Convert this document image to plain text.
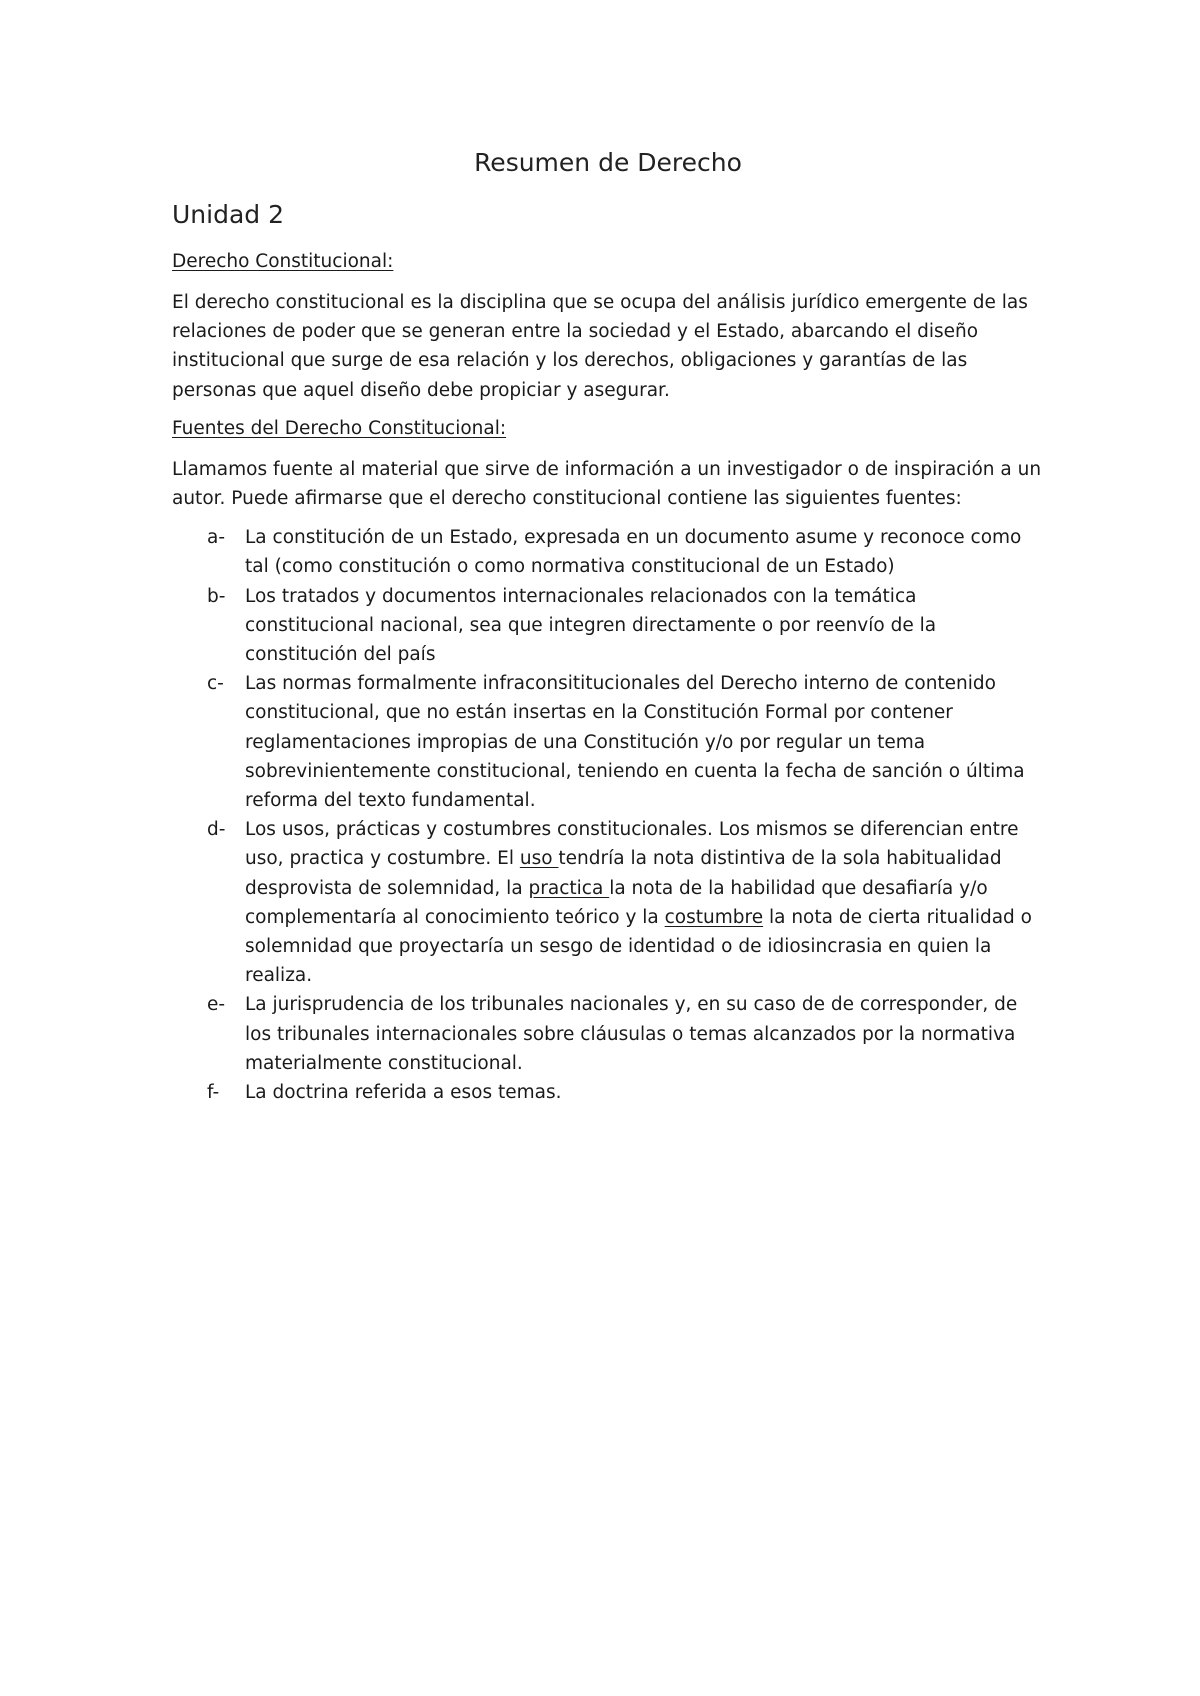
Resumen de Derecho
Unidad 2
Derecho Constitucional:

El derecho constitucional es la disciplina que se ocupa del análisis jurídico emergente de las relaciones de poder que se generan entre la sociedad y el Estado, abarcando el diseño institucional que surge de esa relación y los derechos, obligaciones y garantías de las personas que aquel diseño debe propiciar y asegurar.

Fuentes del Derecho Constitucional:

Llamamos fuente al material que sirve de información a un investigador o de inspiración a un autor. Puede afirmarse que el derecho constitucional contiene las siguientes fuentes:

a-	La constitución de un Estado, expresada en un documento asume y reconoce como tal (como constitución o como normativa constitucional de un Estado)
b-	Los tratados y documentos internacionales relacionados con la temática constitucional nacional, sea que integren directamente o por reenvío de la constitución del país
c-	Las normas formalmente infraconsititucionales del Derecho interno de contenido constitucional, que no están insertas en la Constitución Formal por contener reglamentaciones impropias de una Constitución y/o por regular un tema sobrevinientemente constitucional, teniendo en cuenta la fecha de sanción o última reforma del texto fundamental.
d-	Los usos, prácticas y costumbres constitucionales. Los mismos se diferencian entre uso, practica y costumbre. El uso tendría la nota distintiva de la sola habitualidad desprovista de solemnidad, la practica la nota de la habilidad que desafiaría y/o complementaría al conocimiento teórico y la costumbre la nota de cierta ritualidad o solemnidad que proyectaría un sesgo de identidad o de idiosincrasia en quien la realiza.
e-	La jurisprudencia de los tribunales nacionales y, en su caso de de corresponder, de los tribunales internacionales sobre cláusulas o temas alcanzados por la normativa materialmente constitucional.
f-	La doctrina referida a esos temas.
